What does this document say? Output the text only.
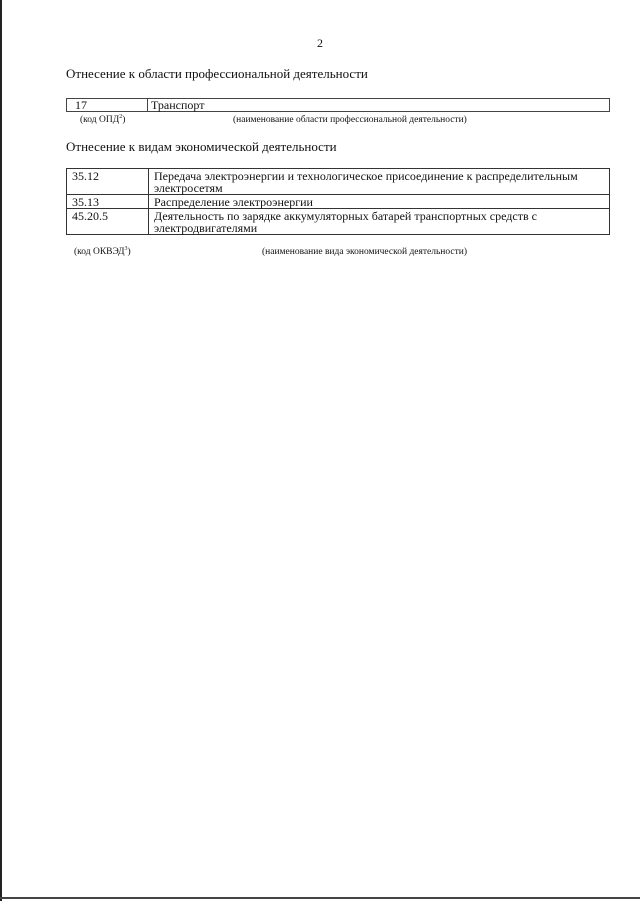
2
Отнесение к области профессиональной деятельности
17	Транспорт
(код ОПД$^2$)	(наименование области профессиональной деятельности)
Отнесение к видам экономической деятельности
35.12	Передача электроэнергии и технологическое присоединение к распределительным электросетям
35.13	Распределение электроэнергии
45.20.5	Деятельность по зарядке аккумуляторных батарей транспортных средств с электродвигателями
(код ОКВЭД$^3$)	(наименование вида экономической деятельности)
